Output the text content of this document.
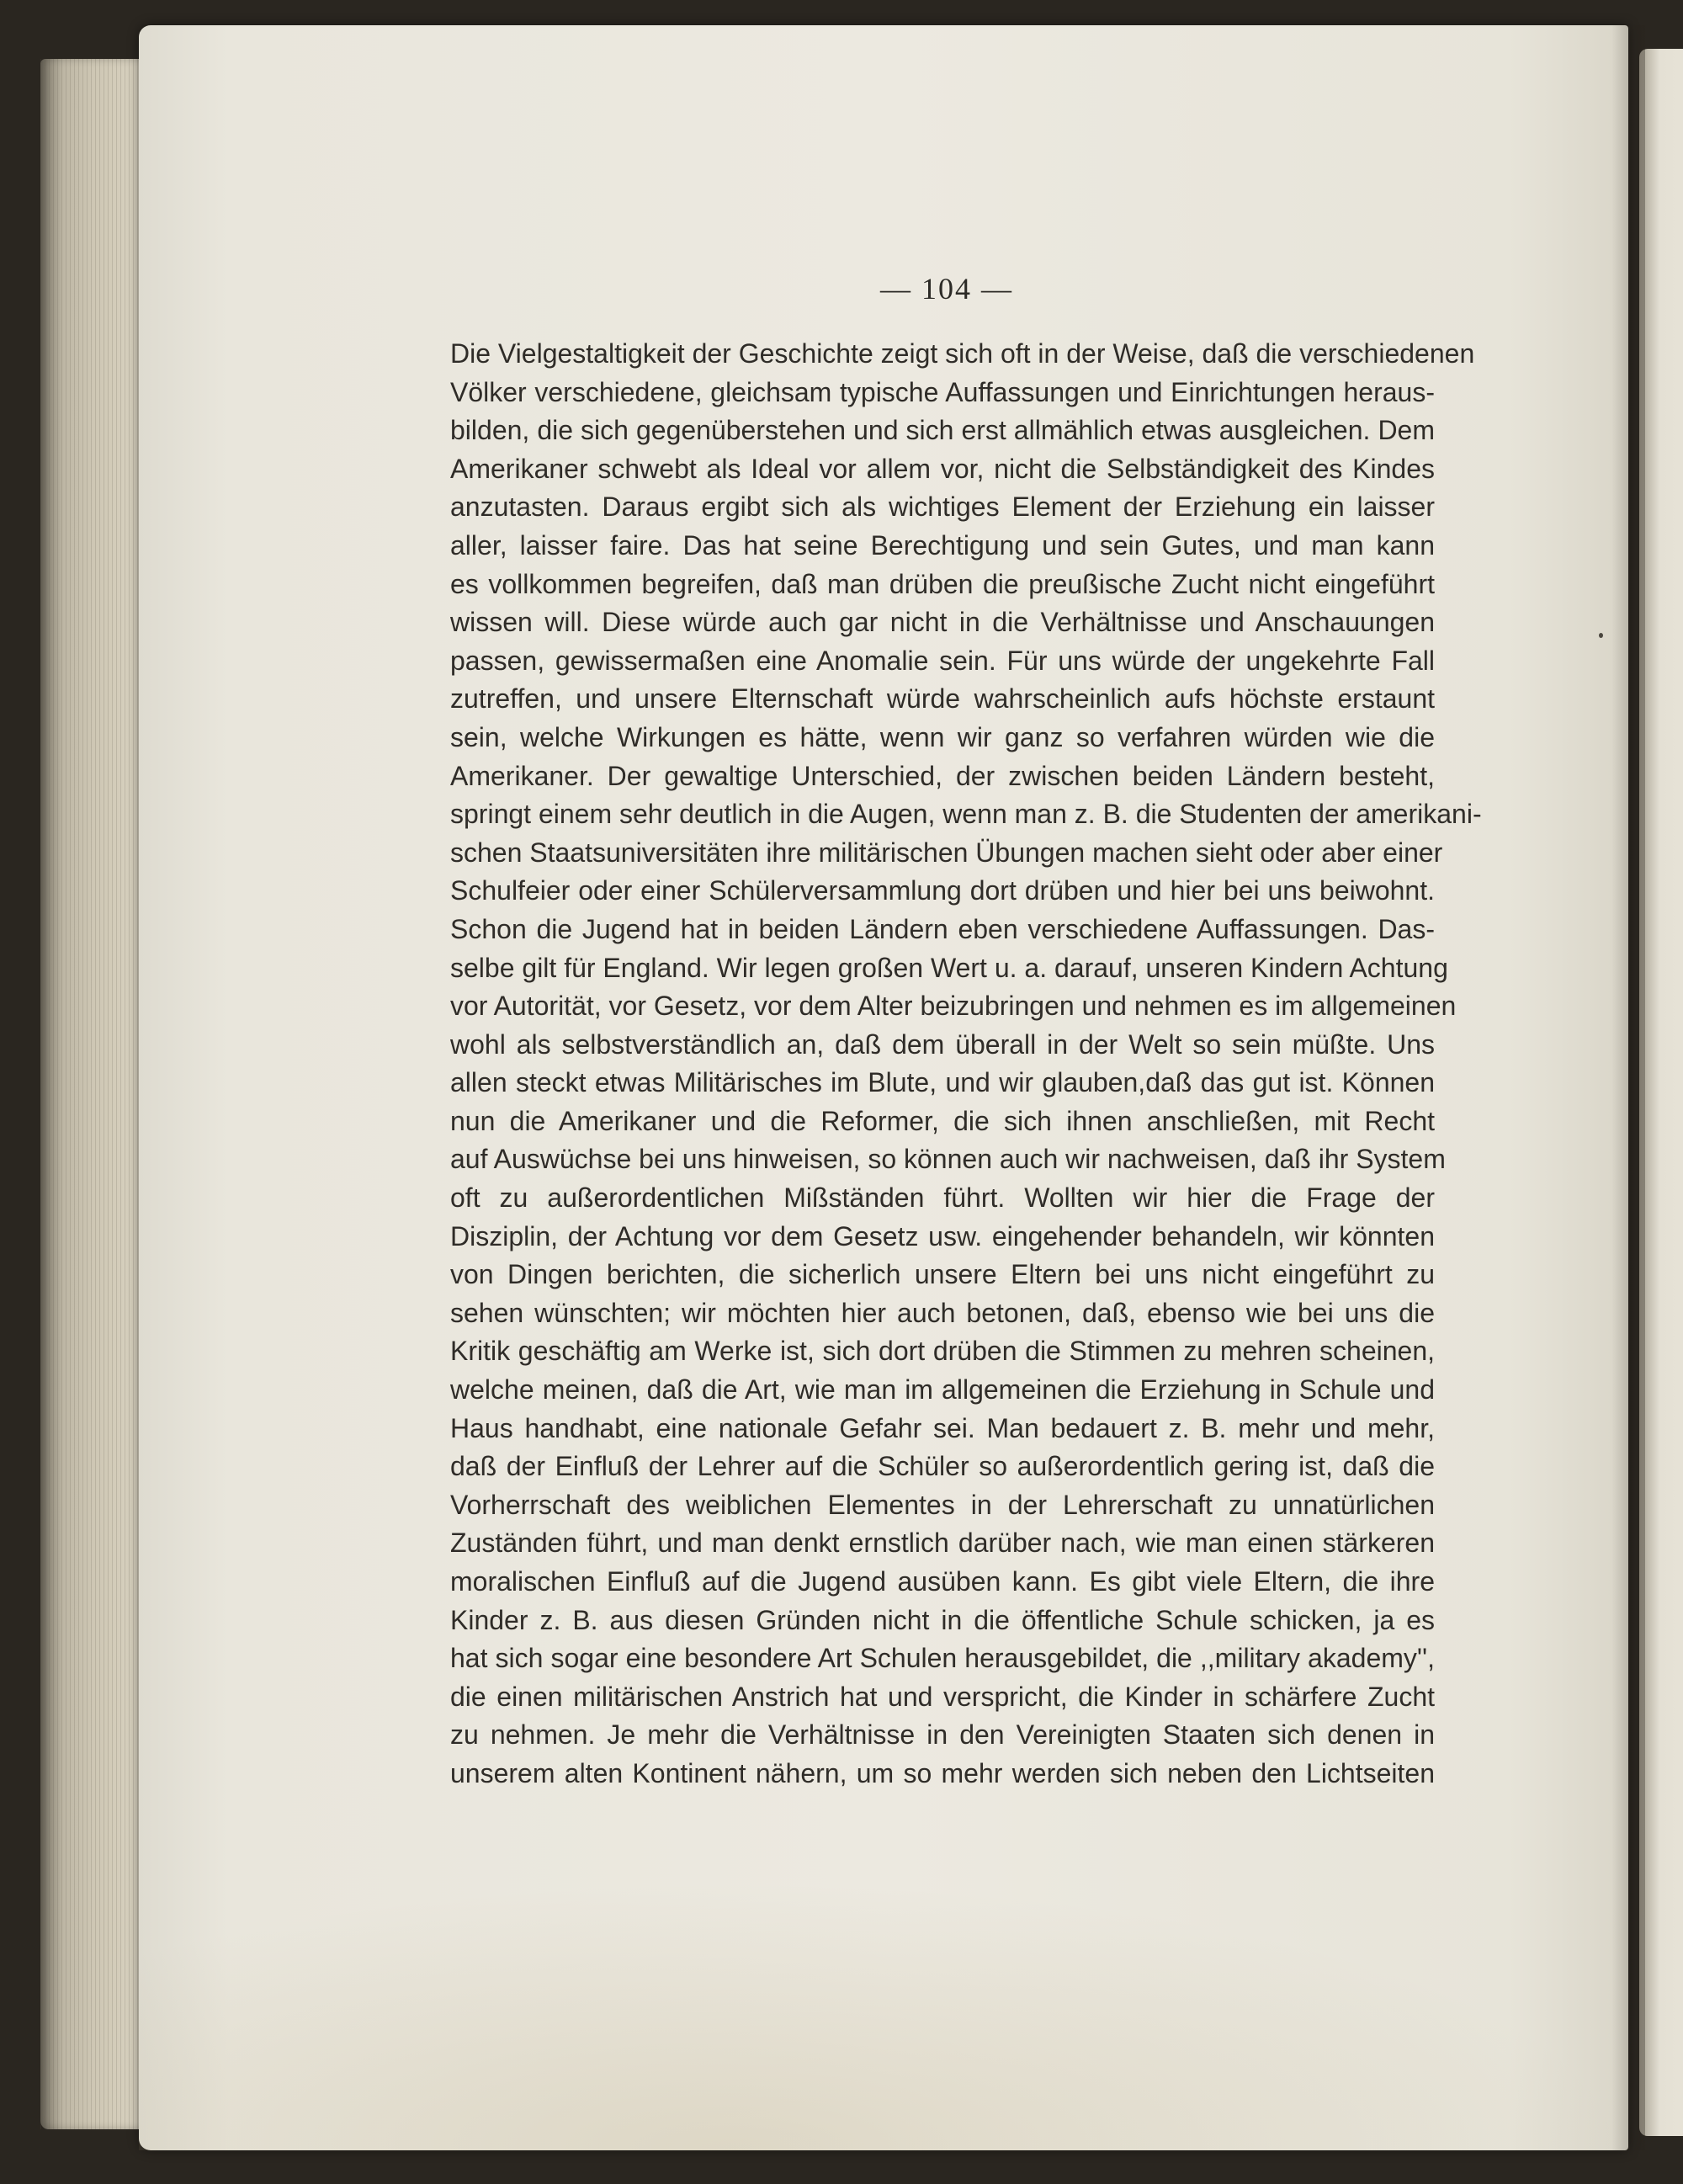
— 104 —
Die Vielgestaltigkeit der Geschichte zeigt sich oft in der Weise, daß die verschiedenen
Völker verschiedene, gleichsam typische Auffassungen und Einrichtungen heraus-
bilden, die sich gegenüberstehen und sich erst allmählich etwas ausgleichen. Dem
Amerikaner schwebt als Ideal vor allem vor, nicht die Selbständigkeit des Kindes
anzutasten. Daraus ergibt sich als wichtiges Element der Erziehung ein laisser
aller, laisser faire. Das hat seine Berechtigung und sein Gutes, und man kann
es vollkommen begreifen, daß man drüben die preußische Zucht nicht eingeführt
wissen will. Diese würde auch gar nicht in die Verhältnisse und Anschauungen
passen, gewissermaßen eine Anomalie sein. Für uns würde der ungekehrte Fall
zutreffen, und unsere Elternschaft würde wahrscheinlich aufs höchste erstaunt
sein, welche Wirkungen es hätte, wenn wir ganz so verfahren würden wie die
Amerikaner. Der gewaltige Unterschied, der zwischen beiden Ländern besteht,
springt einem sehr deutlich in die Augen, wenn man z. B. die Studenten der amerikani-
schen Staatsuniversitäten ihre militärischen Übungen machen sieht oder aber einer
Schulfeier oder einer Schülerversammlung dort drüben und hier bei uns beiwohnt.
Schon die Jugend hat in beiden Ländern eben verschiedene Auffassungen. Das-
selbe gilt für England. Wir legen großen Wert u. a. darauf, unseren Kindern Achtung
vor Autorität, vor Gesetz, vor dem Alter beizubringen und nehmen es im allgemeinen
wohl als selbstverständlich an, daß dem überall in der Welt so sein müßte. Uns
allen steckt etwas Militärisches im Blute, und wir glauben,daß das gut ist. Können
nun die Amerikaner und die Reformer, die sich ihnen anschließen, mit Recht
auf Auswüchse bei uns hinweisen, so können auch wir nachweisen, daß ihr System
oft zu außerordentlichen Mißständen führt. Wollten wir hier die Frage der
Disziplin, der Achtung vor dem Gesetz usw. eingehender behandeln, wir könnten
von Dingen berichten, die sicherlich unsere Eltern bei uns nicht eingeführt zu
sehen wünschten; wir möchten hier auch betonen, daß, ebenso wie bei uns die
Kritik geschäftig am Werke ist, sich dort drüben die Stimmen zu mehren scheinen,
welche meinen, daß die Art, wie man im allgemeinen die Erziehung in Schule und
Haus handhabt, eine nationale Gefahr sei. Man bedauert z. B. mehr und mehr,
daß der Einfluß der Lehrer auf die Schüler so außerordentlich gering ist, daß die
Vorherrschaft des weiblichen Elementes in der Lehrerschaft zu unnatürlichen
Zuständen führt, und man denkt ernstlich darüber nach, wie man einen stärkeren
moralischen Einfluß auf die Jugend ausüben kann. Es gibt viele Eltern, die ihre
Kinder z. B. aus diesen Gründen nicht in die öffentliche Schule schicken, ja es
hat sich sogar eine besondere Art Schulen herausgebildet, die ,,military akademy'',
die einen militärischen Anstrich hat und verspricht, die Kinder in schärfere Zucht
zu nehmen. Je mehr die Verhältnisse in den Vereinigten Staaten sich denen in
unserem alten Kontinent nähern, um so mehr werden sich neben den Lichtseiten
